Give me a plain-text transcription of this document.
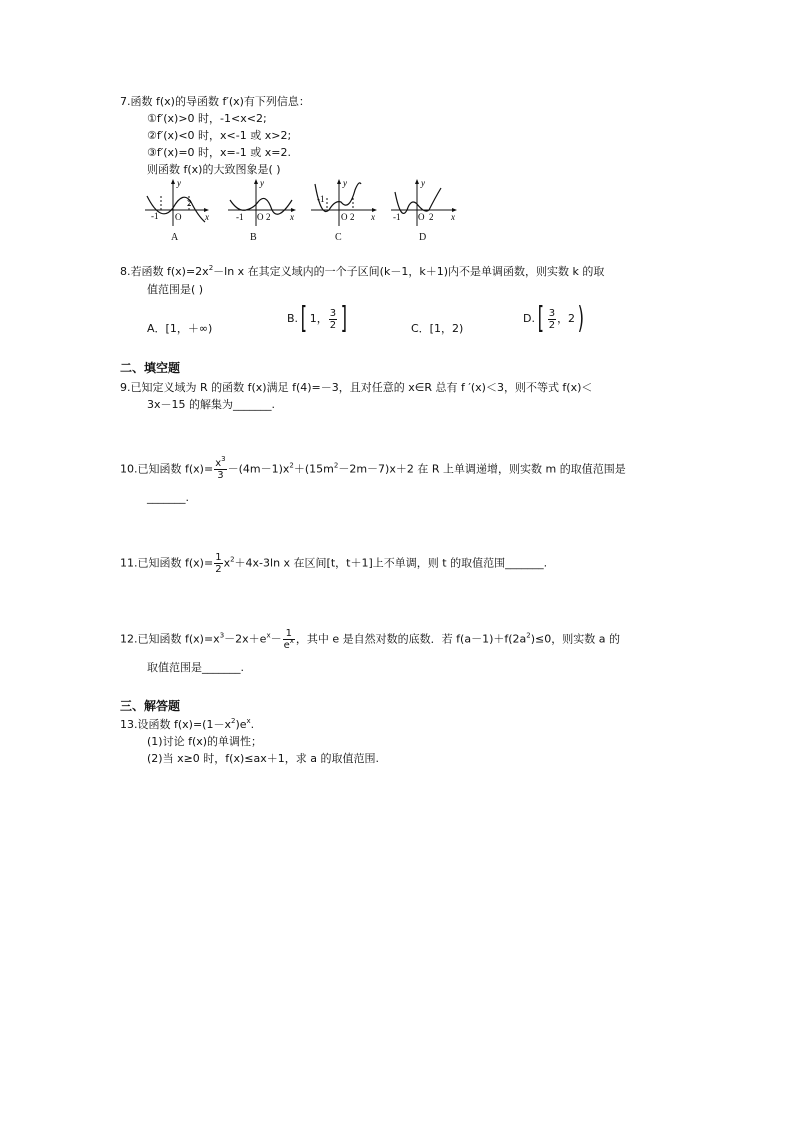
7.函数 f(x)的导函数 f′(x)有下列信息：
①f′(x)>0 时，-1<x<2;
②f′(x)<0 时，x<-1 或 x>2;
③f′(x)=0 时，x=-1 或 x=2.
则函数 f(x)的大致图象是( )
y
x
-1 O
2
A
y
x
-1 O 2
B
y
x
-1
O 2
C
y
x
-1 O 2
D
8.若函数 $f(x)=2x^2-\ln$ x 在其定义域内的一个子区间(k－1，k＋1)内不是单调函数，则实数 k 的取
值范围是( )
A．[1，＋∞)
B.[ 1， $\frac{3}{2}$ ]	C．[1，2)
$D.[ \frac{3}{2}$ ，2)
二、填空题
9.已知定义域为 R 的函数 f(x)满足 f(4)=－3，且对任意的 x∈R 总有 f ′(x)＜3，则不等式 f(x)＜
3x－15 的解集为_______.
10.已知函数 $f(x)= \frac{x^3}{3} -(4m-1)x^2+(15m^2-2m-7)x+2$ 在 R 上单调递增，则实数 m 的取值范围是
_______.
11.已知函数 $f(x)= \frac{1}{2} x^2+4x-3\ln$ x 在区间[t，t＋1]上不单调，则 t 的取值范围_______.
12.已知函数 $f(x)=x^3-2x+e^x- \frac{1}{e^x}$ ，其中 e 是自然对数的底数．若 $f(a-1)+f(2a^2)\le 0$，则实数 a 的
取值范围是_______.
三、解答题
13.设函数 $f(x)=(1-x^2)e^x$.
(1)讨论 f(x)的单调性；
(2)当 x≥0 时，f(x)≤ax＋1，求 a 的取值范围.
